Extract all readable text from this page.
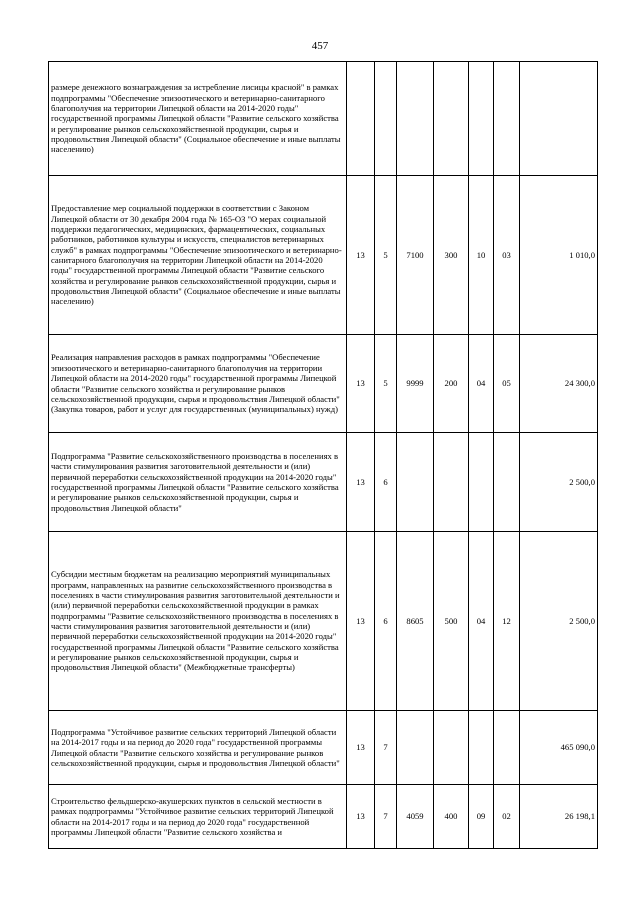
457
размере денежного вознаграждения за истребление лисицы красной" в рамках подпрограммы "Обеспечение эпизоотического и ветеринарно-санитарного благополучия на территории Липецкой области на 2014-2020 годы" государственной программы Липецкой области "Развитие сельского хозяйства и регулирование рынков сельскохозяйственной продукции, сырья и продовольствия Липецкой области" (Социальное обеспечение и иные выплаты населению)							
Предоставление мер социальной поддержки в соответствии с Законом Липецкой области от 30 декабря 2004 года № 165-ОЗ "О мерах социальной поддержки педагогических, медицинских, фармацевтических, социальных работников, работников культуры и искусств, специалистов ветеринарных служб" в рамках подпрограммы "Обеспечение эпизоотического и ветеринарно-санитарного благополучия на территории Липецкой области на 2014-2020 годы" государственной программы Липецкой области "Развитие сельского хозяйства и регулирование рынков сельскохозяйственной продукции, сырья и продовольствия Липецкой области" (Социальное обеспечение и иные выплаты населению)	13	5	7100	300	10	03	1 010,0
Реализация направления расходов в рамках подпрограммы "Обеспечение эпизоотического и ветеринарно-санитарного благополучия на территории Липецкой области на 2014-2020 годы" государственной программы Липецкой области "Развитие сельского хозяйства и регулирование рынков сельскохозяйственной продукции, сырья и продовольствия Липецкой области" (Закупка товаров, работ и услуг для государственных (муниципальных) нужд)	13	5	9999	200	04	05	24 300,0
Подпрограмма "Развитие сельскохозяйственного производства в поселениях в части стимулирования развития заготовительной деятельности и (или) первичной переработки сельскохозяйственной продукции на 2014-2020 годы" государственной программы Липецкой области "Развитие сельского хозяйства и регулирование рынков сельскохозяйственной продукции, сырья и продовольствия Липецкой области"	13	6					2 500,0
Субсидии местным бюджетам на реализацию мероприятий муниципальных программ, направленных на развитие сельскохозяйственного производства в поселениях в части стимулирования развития заготовительной деятельности и (или) первичной переработки сельскохозяйственной продукции в рамках подпрограммы "Развитие сельскохозяйственного производства в поселениях в части стимулирования развития заготовительной деятельности и (или) первичной переработки сельскохозяйственной продукции на 2014-2020 годы" государственной программы Липецкой области "Развитие сельского хозяйства и регулирование рынков сельскохозяйственной продукции, сырья и продовольствия Липецкой области" (Межбюджетные трансферты)	13	6	8605	500	04	12	2 500,0
Подпрограмма "Устойчивое развитие сельских территорий Липецкой области на 2014-2017 годы и на период до 2020 года" государственной программы Липецкой области "Развитие сельского хозяйства и регулирование рынков сельскохозяйственной продукции, сырья и продовольствия Липецкой области"	13	7					465 090,0
Строительство фельдшерско-акушерских пунктов в сельской местности в рамках подпрограммы "Устойчивое развитие сельских территорий Липецкой области на 2014-2017 годы и на период до 2020 года" государственной программы Липецкой области "Развитие сельского хозяйства и	13	7	4059	400	09	02	26 198,1
